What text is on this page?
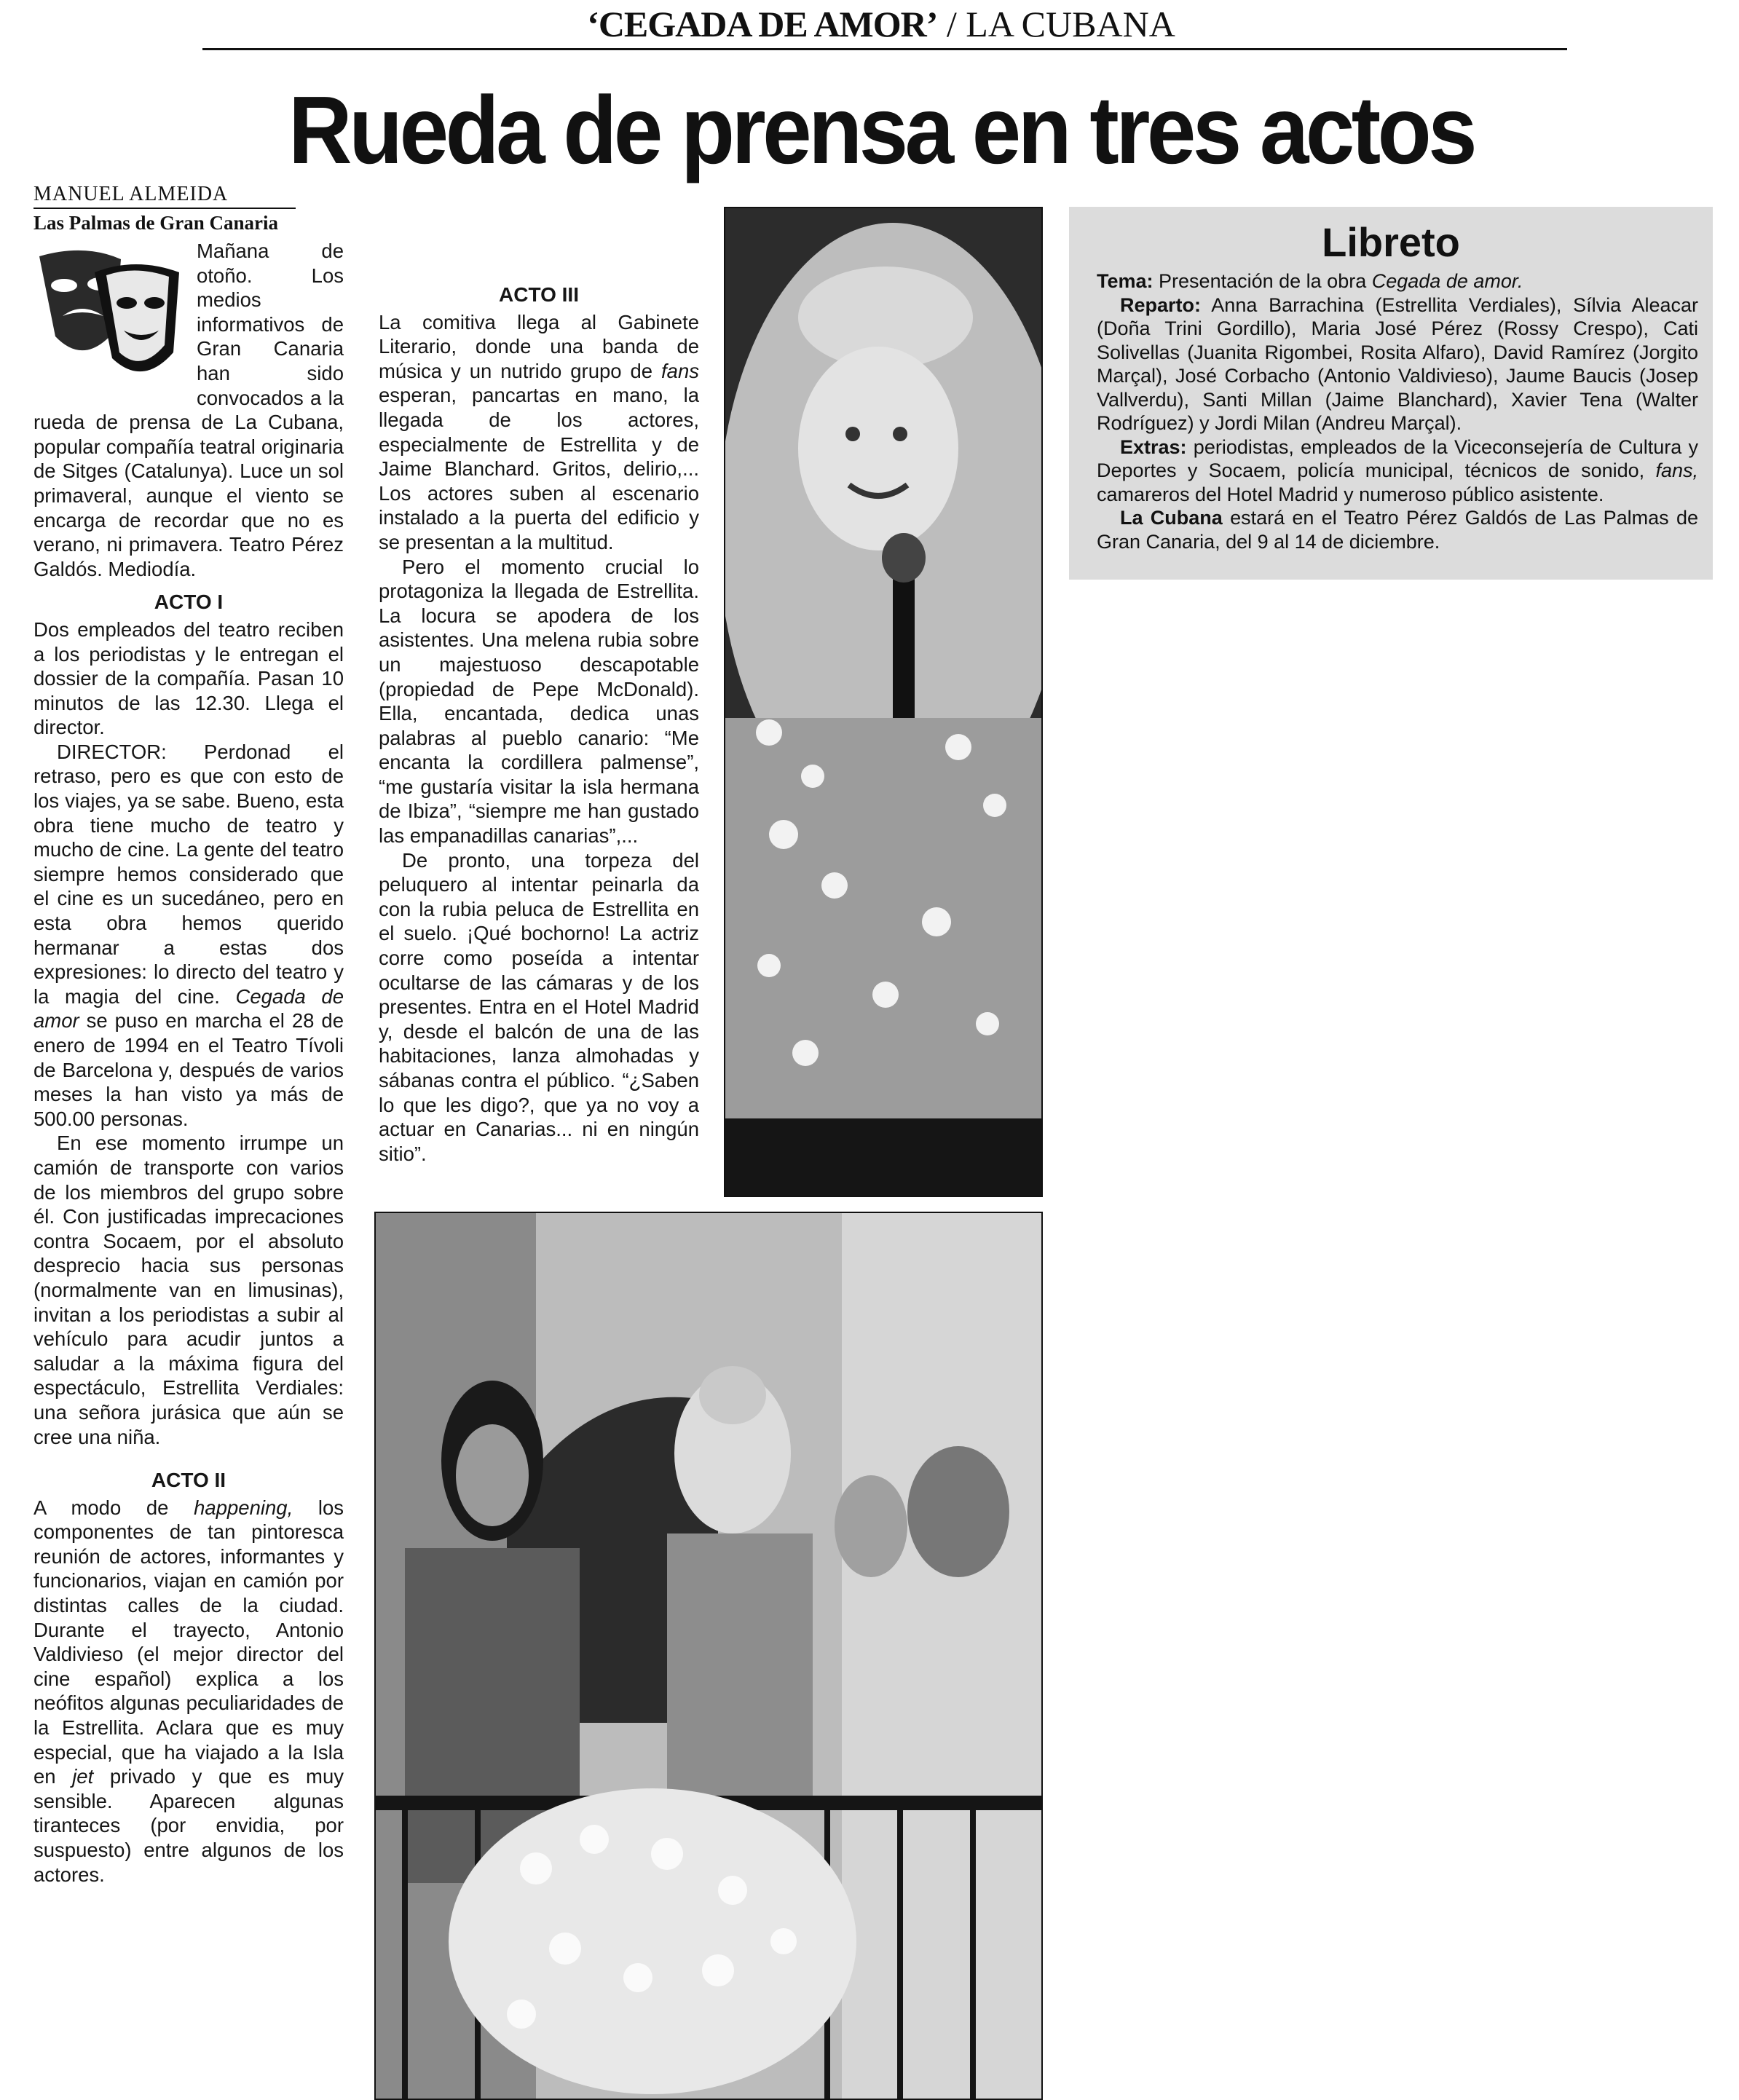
‘CEGADA DE AMOR’ / LA CUBANA
Rueda de prensa en tres actos
MANUEL ALMEIDA
Las Palmas de Gran Canaria

Mañana de otoño. Los medios informativos de Gran Canaria han sido convocados a la rueda de prensa de La Cubana, popular compañía teatral originaria de Sitges (Catalunya). Luce un sol primaveral, aunque el viento se encarga de recordar que no es verano, ni primavera. Teatro Pérez Galdós. Mediodía.

ACTO I

Dos empleados del teatro reciben a los periodistas y le entregan el dossier de la compañía. Pasan 10 minutos de las 12.30. Llega el director.

DIRECTOR: Perdonad el retraso, pero es que con esto de los viajes, ya se sabe. Bueno, esta obra tiene mucho de teatro y mucho de cine. La gente del teatro siempre hemos considerado que el cine es un sucedáneo, pero en esta obra hemos querido hermanar a estas dos expresiones: lo directo del teatro y la magia del cine. Cegada de amor se puso en marcha el 28 de enero de 1994 en el Teatro Tívoli de Barcelona y, después de varios meses la han visto ya más de 500.00 personas.

En ese momento irrumpe un camión de transporte con varios de los miembros del grupo sobre él. Con justificadas imprecaciones contra Socaem, por el absoluto desprecio hacia sus personas (normalmente van en limusinas), invitan a los periodistas a subir al vehículo para acudir juntos a saludar a la máxima figura del espectáculo, Estrellita Verdiales: una señora jurásica que aún se cree una niña.

ACTO II

A modo de happening, los componentes de tan pintoresca reunión de actores, informantes y funcionarios, viajan en camión por distintas calles de la ciudad. Durante el trayecto, Antonio Valdivieso (el mejor director del cine español) explica a los neófitos algunas peculiaridades de la Estrellita. Aclara que es muy especial, que ha viajado a la Isla en jet privado y que es muy sensible. Aparecen algunas tiranteces (por envidia, por suspuesto) entre algunos de los actores.

ACTO III

La comitiva llega al Gabinete Literario, donde una banda de música y un nutrido grupo de fans esperan, pancartas en mano, la llegada de los actores, especialmente de Estrellita y de Jaime Blanchard. Gritos, delirio,... Los actores suben al escenario instalado a la puerta del edificio y se presentan a la multitud.

Pero el momento crucial lo protagoniza la llegada de Estrellita. La locura se apodera de los asistentes. Una melena rubia sobre un majestuoso descapotable (propiedad de Pepe McDonald). Ella, encantada, dedica unas palabras al pueblo canario: “Me encanta la cordillera palmense”, “me gustaría visitar la isla hermana de Ibiza”, “siempre me han gustado las empanadillas canarias”,...

De pronto, una torpeza del peluquero al intentar peinarla da con la rubia peluca de Estrellita en el suelo. ¡Qué bochorno! La actriz corre como poseída a intentar ocultarse de las cámaras y de los presentes. Entra en el Hotel Madrid y, desde el balcón de una de las habitaciones, lanza almohadas y sábanas contra el público. “¿Saben lo que les digo?, que ya no voy a actuar en Canarias... ni en ningún sitio”.

Libreto

Tema: Presentación de la obra Cegada de amor.

Reparto: Anna Barrachina (Estrellita Verdiales), Sílvia Aleacar (Doña Trini Gordillo), Maria José Pérez (Rossy Crespo), Cati Solivellas (Juanita Rigombei, Rosita Alfaro), David Ramírez (Jorgito Marçal), José Corbacho (Antonio Valdivieso), Jaume Baucis (Josep Vallverdu), Santi Millan (Jaime Blanchard), Xavier Tena (Walter Rodríguez) y Jordi Milan (Andreu Marçal).

Extras: periodistas, empleados de la Viceconsejería de Cultura y Deportes y Socaem, policía municipal, técnicos de sonido, fans, camareros del Hotel Madrid y numeroso público asistente.

La Cubana estará en el Teatro Pérez Galdós de Las Palmas de Gran Canaria, del 9 al 14 de diciembre.
